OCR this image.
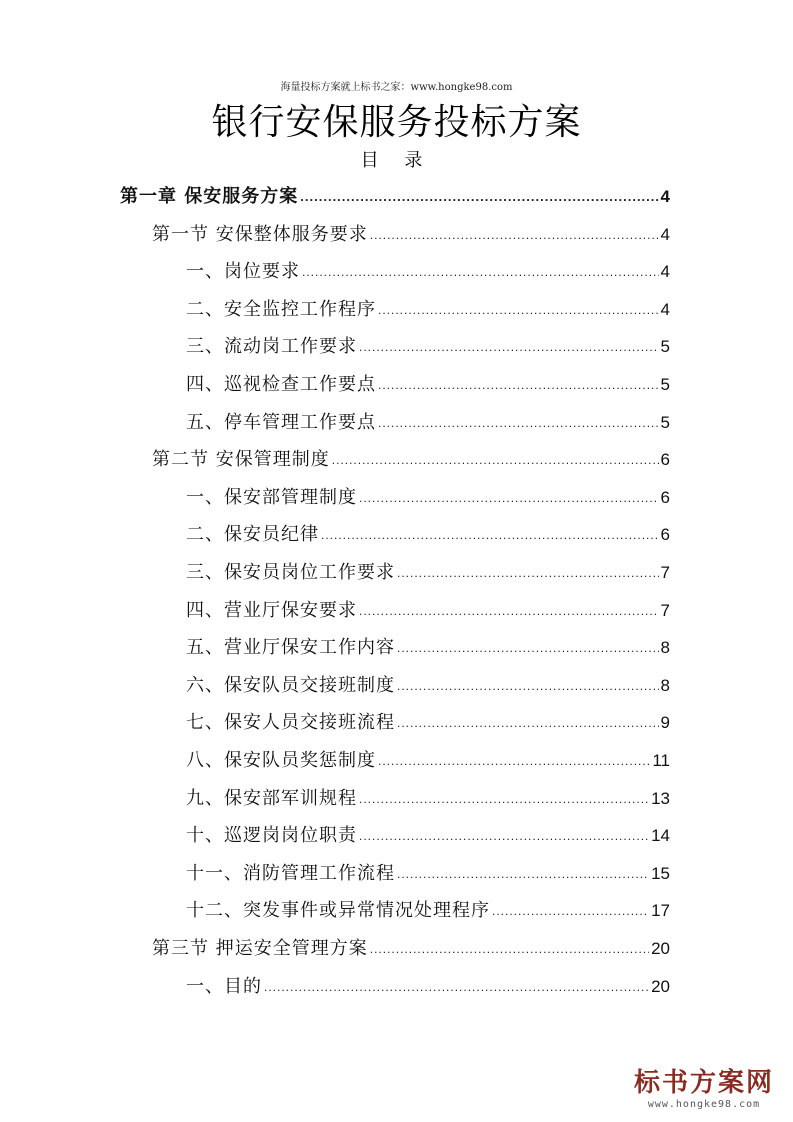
海量投标方案就上标书之家：www.hongke98.com
银行安保服务投标方案
目 录
第一章 保安服务方案 .....	4
第一节 安保整体服务要求 .....	4
一、岗位要求 .....	4
二、安全监控工作程序 .....	4
三、流动岗工作要求 .....	5
四、巡视检查工作要点 .....	5
五、停车管理工作要点 .....	5
第二节 安保管理制度 .....	6
一、保安部管理制度 .....	6
二、保安员纪律 .....	6
三、保安员岗位工作要求 .....	7
四、营业厅保安要求 .....	7
五、营业厅保安工作内容 .....	8
六、保安队员交接班制度 .....	8
七、保安人员交接班流程 .....	9
八、保安队员奖惩制度 .....	11
九、保安部军训规程 .....	13
十、巡逻岗岗位职责 .....	14
十一、消防管理工作流程 .....	15
十二、突发事件或异常情况处理程序 .....	17
第三节 押运安全管理方案 .....	20
一、目的 .....	20
标书方案网
www.hongke98.com
